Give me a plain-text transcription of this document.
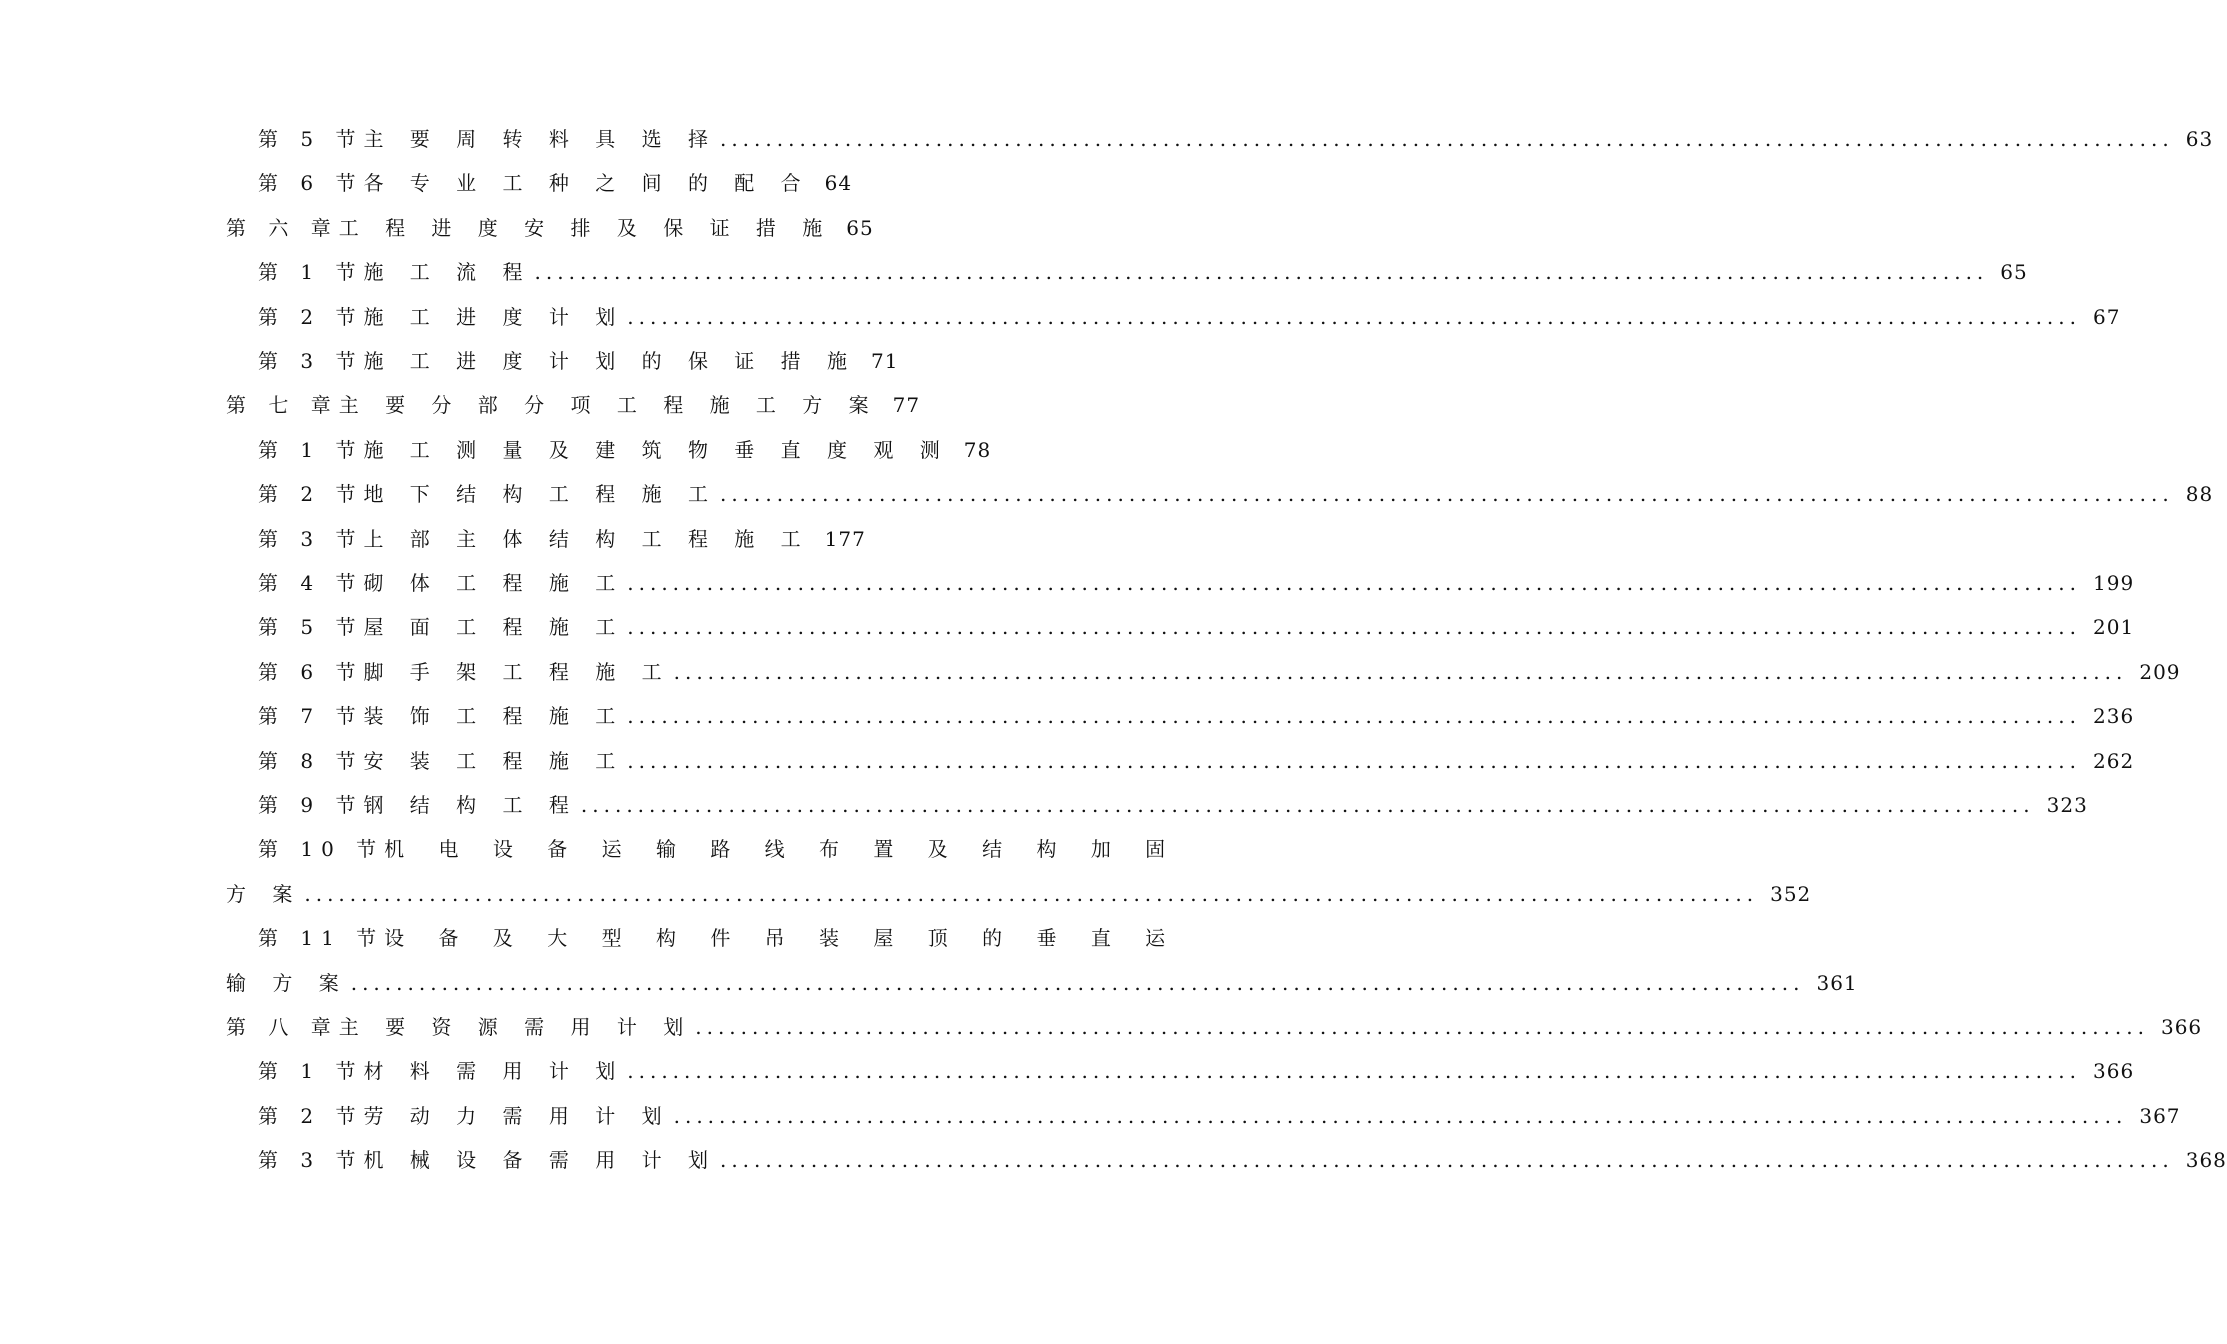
第 5 节 主 要 周 转 料 具 选 择 .....	63
第 6 节 各 专 业 工 种 之 间 的 配 合 64
第 六 章 工 程 进 度 安 排 及 保 证 措 施 65
第 1 节 施 工 流 程 .....	65
第 2 节 施 工 进 度 计 划 .....	67
第 3 节 施 工 进 度 计 划 的 保 证 措 施 71
第 七 章 主 要 分 部 分 项 工 程 施 工 方 案 77
第 1 节 施 工 测 量 及 建 筑 物 垂 直 度 观 测 78
第 2 节 地 下 结 构 工 程 施 工 .....	88
第 3 节 上 部 主 体 结 构 工 程 施 工 177
第 4 节 砌 体 工 程 施 工 .....	199
第 5 节 屋 面 工 程 施 工 .....	201
第 6 节 脚 手 架 工 程 施 工 .....	209
第 7 节 装 饰 工 程 施 工 .....	236
第 8 节 安 装 工 程 施 工 .....	262
第 9 节 钢 结 构 工 程 .....	323
第 10 节 机 电 设 备 运 输 路 线 布 置 及 结 构 加 固
方 案 .....	352
第 11 节 设 备 及 大 型 构 件 吊 装 屋 顶 的 垂 直 运
输 方 案 .....	361
第 八 章 主 要 资 源 需 用 计 划 .....	366
第 1 节 材 料 需 用 计 划 .....	366
第 2 节 劳 动 力 需 用 计 划 .....	367
第 3 节 机 械 设 备 需 用 计 划 .....	368
